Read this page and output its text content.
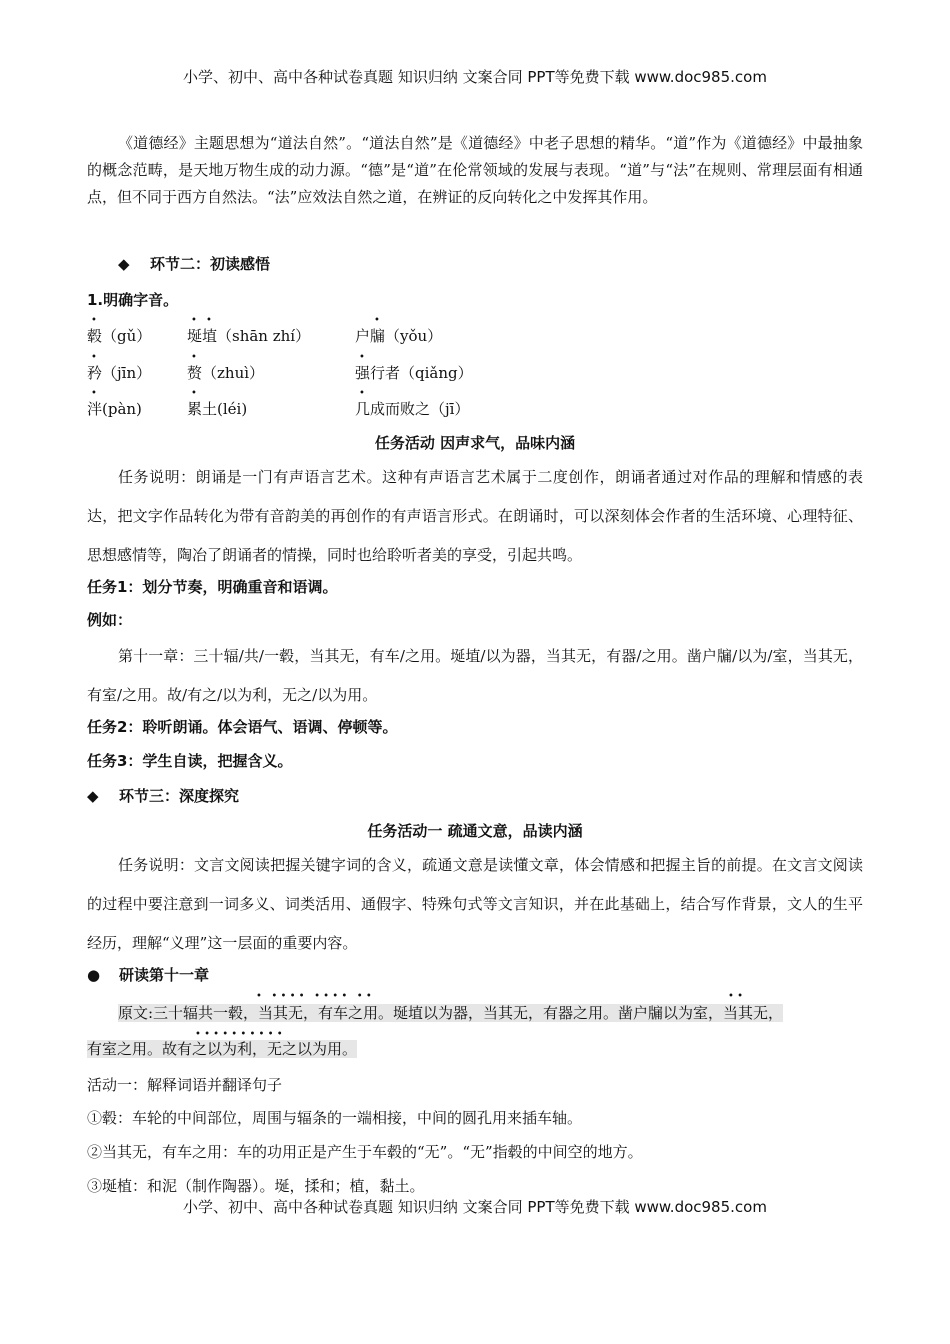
小学、初中、高中各种试卷真题 知识归纳 文案合同 PPT等免费下载 www.doc985.com
《道德经》主题思想为“道法自然”。“道法自然”是《道德经》中老子思想的精华。“道”作为《道德经》中最抽象的概念范畴，是天地万物生成的动力源。“德”是“道”在伦常领域的发展与表现。“道”与“法”在规则、常理层面有相通点，但不同于西方自然法。“法”应效法自然之道，在辨证的反向转化之中发挥其作用。
◆ 环节二：初读感悟
1.明确字音。
毂（gǔ） 埏埴（shān zhí）	户牖（yǒu）
矜（jīn） 赘（zhuì）	强行者（qiǎng）
泮(pàn)	累土(léi)	几成而败之（jī）
•	• •	•
•	•	•
•	•	•
任务活动 因声求气，品味内涵
任务说明：朗诵是一门有声语言艺术。这种有声语言艺术属于二度创作，朗诵者通过对作品的理解和情感的表达，把文字作品转化为带有音韵美的再创作的有声语言形式。在朗诵时，可以深刻体会作者的生活环境、心理特征、思想感情等，陶冶了朗诵者的情操，同时也给聆听者美的享受，引起共鸣。
任务1：划分节奏，明确重音和语调。
例如：
第十一章：三十辐/共/一毂，当其无，有车/之用。埏埴/以为器，当其无，有器/之用。凿户牖/以为/室，当其无，有室/之用。故/有之/以为利，无之/以为用。
任务2：聆听朗诵。体会语气、语调、停顿等。
任务3：学生自读，把握含义。
◆ 环节三：深度探究
任务活动一 疏通文意，品读内涵
任务说明：文言文阅读把握关键字词的含义，疏通文意是读懂文章，体会情感和把握主旨的前提。在文言文阅读的过程中要注意到一词多义、词类活用、通假字、特殊句式等文言知识，并在此基础上，结合写作背景，文人的生平经历，理解“义理”这一层面的重要内容。
● 研读第十一章
原文:三十辐共一毂，当其无，有车之用。埏埴以为器，当其无，有器之用。凿户牖以为室，当其无，
有室之用。故有之以为利，无之以为用。
•   • • • •   • • • •   • •	• •
• • • • • • • • • •
活动一：解释词语并翻译句子
①毂：车轮的中间部位，周围与辐条的一端相接，中间的圆孔用来插车轴。
②当其无，有车之用：车的功用正是产生于车毂的“无”。“无”指毂的中间空的地方。
③埏植：和泥（制作陶器）。埏，揉和；植，黏土。
小学、初中、高中各种试卷真题 知识归纳 文案合同 PPT等免费下载 www.doc985.com
